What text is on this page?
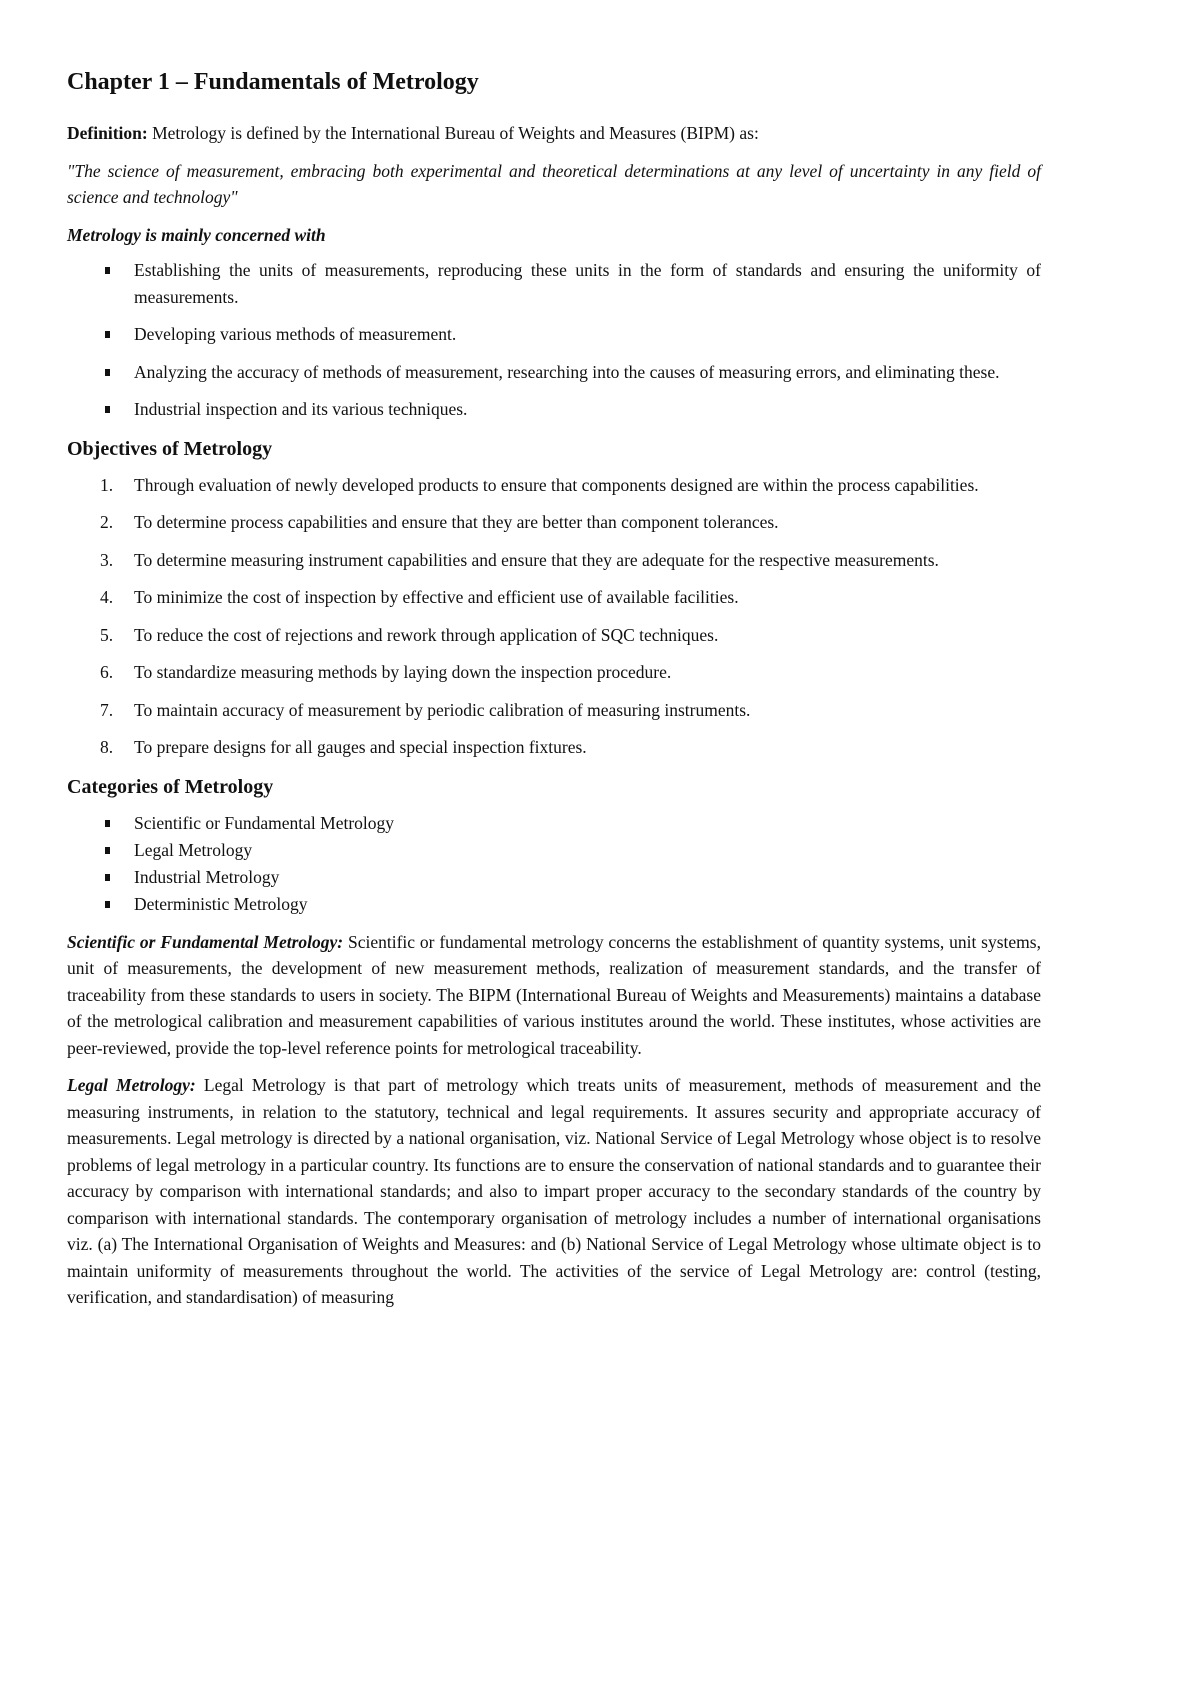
Chapter 1 – Fundamentals of Metrology

Definition: Metrology is defined by the International Bureau of Weights and Measures (BIPM) as:

"The science of measurement, embracing both experimental and theoretical determinations at any level of uncertainty in any field of science and technology"

Metrology is mainly concerned with

Establishing the units of measurements, reproducing these units in the form of standards and ensuring the uniformity of measurements.
Developing various methods of measurement.
Analyzing the accuracy of methods of measurement, researching into the causes of measuring errors, and eliminating these.
Industrial inspection and its various techniques.
Objectives of Metrology
1. Through evaluation of newly developed products to ensure that components designed are within the process capabilities.
2. To determine process capabilities and ensure that they are better than component tolerances.
3. To determine measuring instrument capabilities and ensure that they are adequate for the respective measurements.
4. To minimize the cost of inspection by effective and efficient use of available facilities.
5. To reduce the cost of rejections and rework through application of SQC techniques.
6. To standardize measuring methods by laying down the inspection procedure.
7. To maintain accuracy of measurement by periodic calibration of measuring instruments.
8. To prepare designs for all gauges and special inspection fixtures.
Categories of Metrology
Scientific or Fundamental Metrology
Legal Metrology
Industrial Metrology
Deterministic Metrology

Scientific or Fundamental Metrology: Scientific or fundamental metrology concerns the establishment of quantity systems, unit systems, unit of measurements, the development of new measurement methods, realization of measurement standards, and the transfer of traceability from these standards to users in society. The BIPM (International Bureau of Weights and Measurements) maintains a database of the metrological calibration and measurement capabilities of various institutes around the world. These institutes, whose activities are peer-reviewed, provide the top-level reference points for metrological traceability.

Legal Metrology: Legal Metrology is that part of metrology which treats units of measurement, methods of measurement and the measuring instruments, in relation to the statutory, technical and legal requirements. It assures security and appropriate accuracy of measurements. Legal metrology is directed by a national organisation, viz. National Service of Legal Metrology whose object is to resolve problems of legal metrology in a particular country. Its functions are to ensure the conservation of national standards and to guarantee their accuracy by comparison with international standards; and also to impart proper accuracy to the secondary standards of the country by comparison with international standards. The contemporary organisation of metrology includes a number of international organisations viz. (a) The International Organisation of Weights and Measures: and (b) National Service of Legal Metrology whose ultimate object is to maintain uniformity of measurements throughout the world. The activities of the service of Legal Metrology are: control (testing, verification, and standardisation) of measuring
